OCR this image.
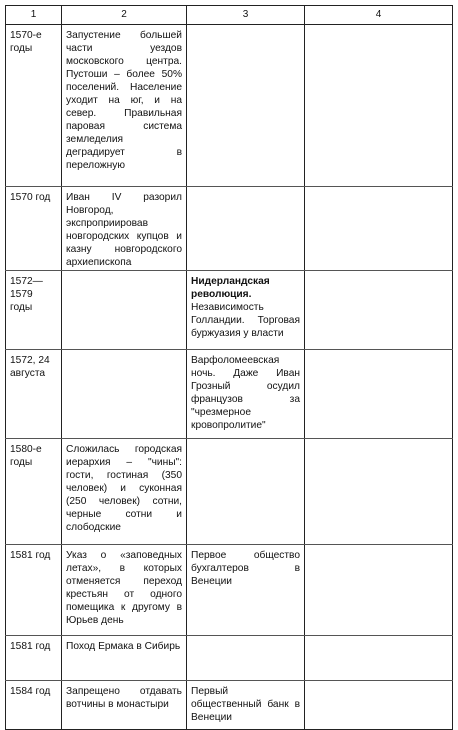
1	2	3	4
1570-е годы	Запустение большей части уездов московского центра. Пустоши – более 50% поселений. Население уходит на юг, и на север. Правильная паровая система земледелия деградирует в переложную		
1570 год	Иван IV разорил Новгород, экспроприировав новгородских купцов и казну новгородского архиепископа		
1572—1579 годы		Нидерландская революция. Независимость Голландии. Торговая буржуазия у власти	
1572, 24 августа		Варфоломеевская ночь. Даже Иван Грозный осудил французов за "чрезмерное кровопролитие"	
1580-е годы	Сложилась городская иерархия – "чины": гости, гостиная (350 человек) и суконная (250 человек) сотни, черные сотни и слободские		
1581 год	Указ о «заповедных летах», в которых отменяется переход крестьян от одного помещика к другому в Юрьев день	Первое общество бухгалтеров в Венеции	
1581 год	Поход Ермака в Сибирь		
1584 год	Запрещено отдавать вотчины в монастыри	Первый общественный банк в Венеции	
